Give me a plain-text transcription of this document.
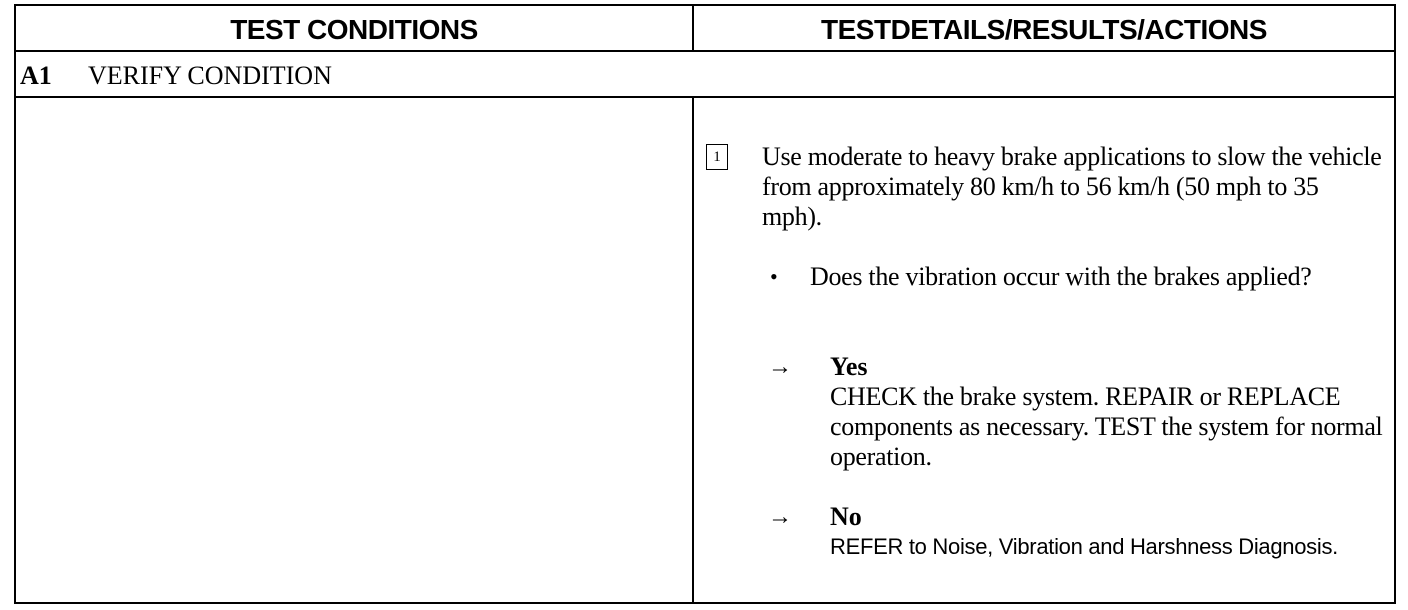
TEST CONDITIONS	TESTDETAILS/RESULTS/ACTIONS
A1 VERIFY CONDITION
1 Use moderate to heavy brake applications to slow the vehicle from approximately 80 km/h to 56 km/h (50 mph to 35 mph).
• Does the vibration occur with the brakes applied?
→ Yes
CHECK the brake system. REPAIR or REPLACE components as necessary. TEST the system for normal operation.
→ No
REFER to Noise, Vibration and Harshness Diagnosis.
